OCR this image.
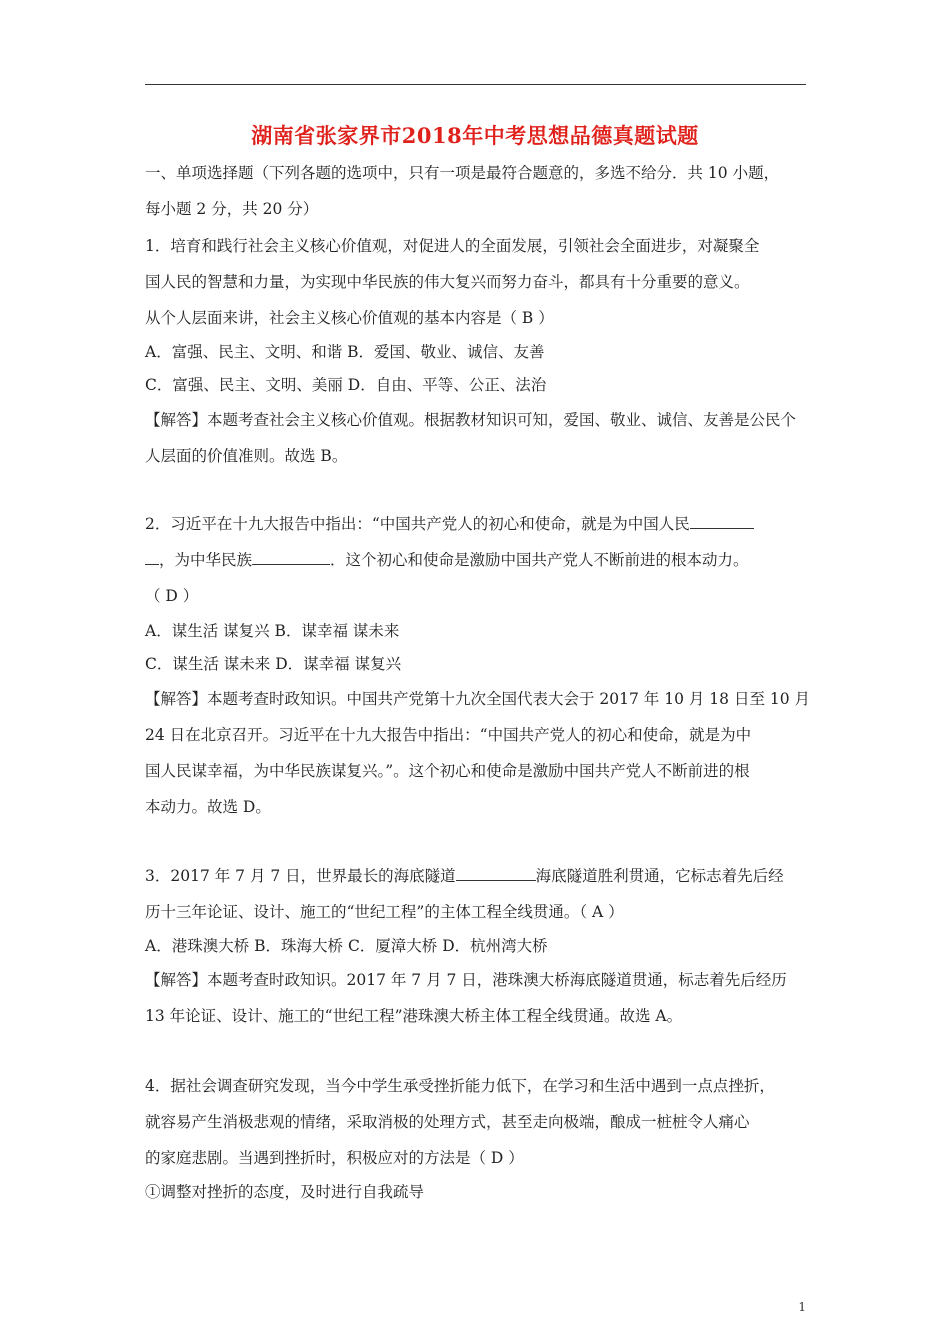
湖南省张家界市2018年中考思想品德真题试题
一、单项选择题（下列各题的选项中，只有一项是最符合题意的，多选不给分．共 10 小题，
每小题 2 分，共 20 分）
1．培育和践行社会主义核心价值观，对促进人的全面发展，引领社会全面进步，对凝聚全
国人民的智慧和力量，为实现中华民族的伟大复兴而努力奋斗，都具有十分重要的意义。
从个人层面来讲，社会主义核心价值观的基本内容是（ B ）
A．富强、民主、文明、和谐 B．爱国、敬业、诚信、友善
C．富强、民主、文明、美丽 D．自由、平等、公正、法治
【解答】本题考查社会主义核心价值观。根据教材知识可知，爱国、敬业、诚信、友善是公民个
人层面的价值准则。故选 B。
2．习近平在十九大报告中指出：“中国共产党人的初心和使命，就是为中国人民
，为中华民族	．这个初心和使命是激励中国共产党人不断前进的根本动力。
（ D ）
A．谋生活 谋复兴 B．谋幸福 谋未来
C．谋生活 谋未来 D．谋幸福 谋复兴
【解答】本题考查时政知识。中国共产党第十九次全国代表大会于 2017 年 10 月 18 日至 10 月
24 日在北京召开。习近平在十九大报告中指出：“中国共产党人的初心和使命，就是为中
国人民谋幸福，为中华民族谋复兴。”。这个初心和使命是激励中国共产党人不断前进的根
本动力。故选 D。
3．2017 年 7 月 7 日，世界最长的海底隧道	海底隧道胜利贯通，它标志着先后经
历十三年论证、设计、施工的“世纪工程”的主体工程全线贯通。（ A ）
A．港珠澳大桥 B．珠海大桥 C．厦漳大桥 D．杭州湾大桥
【解答】本题考查时政知识。2017 年 7 月 7 日，港珠澳大桥海底隧道贯通，标志着先后经历
13 年论证、设计、施工的“世纪工程”港珠澳大桥主体工程全线贯通。故选 A。
4．据社会调查研究发现，当今中学生承受挫折能力低下，在学习和生活中遇到一点点挫折，
就容易产生消极悲观的情绪，采取消极的处理方式，甚至走向极端，酿成一桩桩令人痛心
的家庭悲剧。当遇到挫折时，积极应对的方法是（ D ）
①调整对挫折的态度，及时进行自我疏导
1
